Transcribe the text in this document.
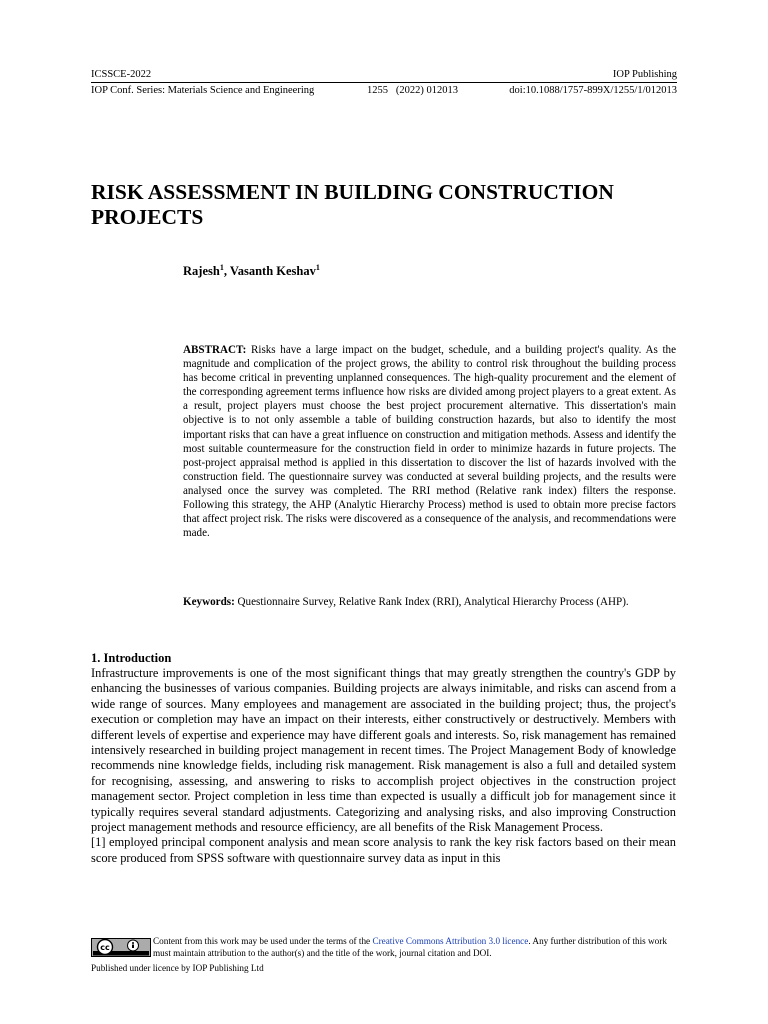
ICSSCE-2022	IOP Publishing
IOP Conf. Series: Materials Science and Engineering	1255   (2022) 012013	doi:10.1088/1757-899X/1255/1/012013
RISK ASSESSMENT IN BUILDING CONSTRUCTION PROJECTS
Rajesh$^1$, Vasanth Keshav$^1$

ABSTRACT: Risks have a large impact on the budget, schedule, and a building project's quality. As the magnitude and complication of the project grows, the ability to control risk throughout the building process has become critical in preventing unplanned consequences. The high-quality procurement and the element of the corresponding agreement terms influence how risks are divided among project players to a great extent. As a result, project players must choose the best project procurement alternative. This dissertation's main objective is to not only assemble a table of building construction hazards, but also to identify the most important risks that can have a great influence on construction and mitigation methods. Assess and identify the most suitable countermeasure for the construction field in order to minimize hazards in future projects. The post-project appraisal method is applied in this dissertation to discover the list of hazards involved with the construction field. The questionnaire survey was conducted at several building projects, and the results were analysed once the survey was completed. The RRI method (Relative rank index) filters the response. Following this strategy, the AHP (Analytic Hierarchy Process) method is used to obtain more precise factors that affect project risk. The risks were discovered as a consequence of the analysis, and recommendations were made.

Keywords: Questionnaire Survey, Relative Rank Index (RRI), Analytical Hierarchy Process (AHP).

1. Introduction

Infrastructure improvements is one of the most significant things that may greatly strengthen the country's GDP by enhancing the businesses of various companies. Building projects are always inimitable, and risks can ascend from a wide range of sources. Many employees and management are associated in the building project; thus, the project's execution or completion may have an impact on their interests, either constructively or destructively. Members with different levels of expertise and experience may have different goals and interests. So, risk management has remained intensively researched in building project management in recent times. The Project Management Body of knowledge recommends nine knowledge fields, including risk management. Risk management is also a full and detailed system for recognising, assessing, and answering to risks to accomplish project objectives in the construction project management sector. Project completion in less time than expected is usually a difficult job for management since it typically requires several standard adjustments. Categorizing and analysing risks, and also improving Construction project management methods and resource efficiency, are all benefits of the Risk Management Process.

[1] employed principal component analysis and mean score analysis to rank the key risk factors based on their mean score produced from SPSS software with questionnaire survey data as input in this

cc
Content from this work may be used under the terms of the Creative Commons Attribution 3.0 licence. Any further distribution of this work must maintain attribution to the author(s) and the title of the work, journal citation and DOI.
Published under licence by IOP Publishing Ltd
